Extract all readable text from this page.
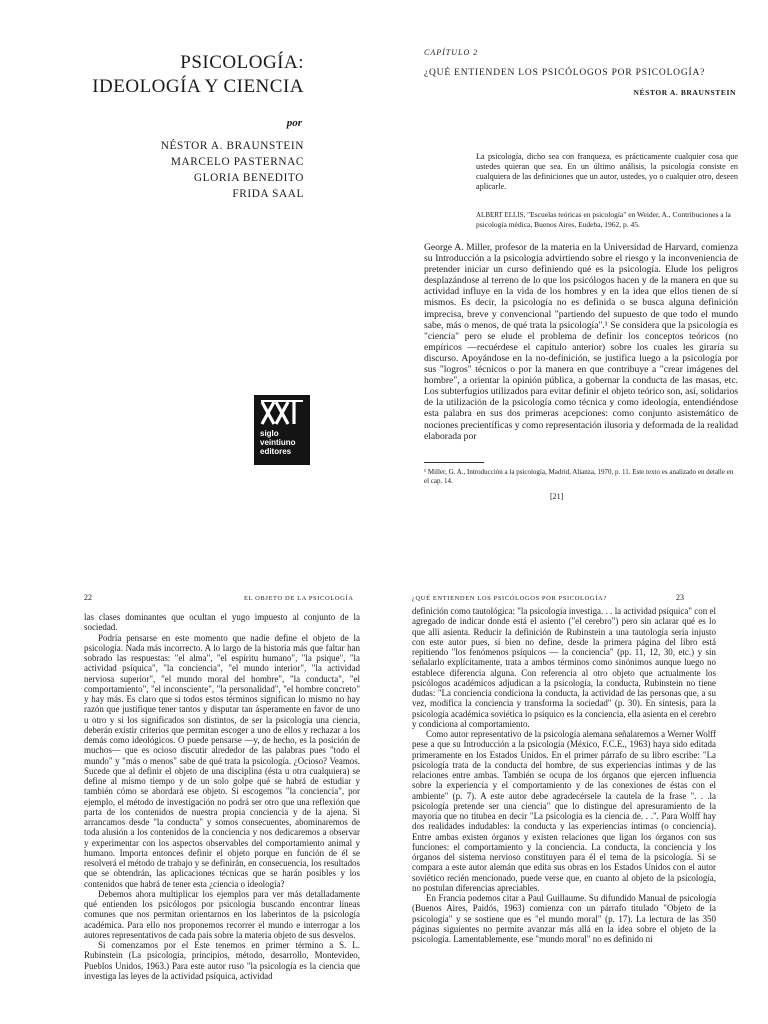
PSICOLOGÍA:
IDEOLOGÍA Y CIENCIA
por
NÉSTOR A. BRAUNSTEIN
MARCELO PASTERNAC
GLORIA BENEDITO
FRIDA SAAL
siglo
veintiuno
editores
CAPÍTULO 2
¿QUÉ ENTIENDEN LOS PSICÓLOGOS POR PSICOLOGÍA?
NÉSTOR A. BRAUNSTEIN
La psicología, dicho sea con franqueza, es prácticamente cualquier cosa que ustedes quieran que sea. En un último análisis, la psicología consiste en cualquiera de las definiciones que un autor, ustedes, yo o cualquier otro, deseen aplicarle.
ALBERT ELLIS, "Escuelas teóricas en psicología" en Weider, A., Contribuciones a la psicología médica, Buenos Aires, Eudeba, 1962, p. 45.

George A. Miller, profesor de la materia en la Universidad de Harvard, comienza su Introducción a la psicología advirtiendo sobre el riesgo y la inconveniencia de pretender iniciar un curso definiendo qué es la psicología. Elude los peligros desplazándose al terreno de lo que los psicólogos hacen y de la manera en que su actividad influye en la vida de los hombres y en la idea que ellos tienen de sí mismos. Es decir, la psicología no es definida o se busca alguna definición imprecisa, breve y convencional "partiendo del supuesto de que todo el mundo sabe, más o menos, de qué trata la psicología".¹ Se considera que la psicología es "ciencia" pero se elude el problema de definir los conceptos teóricos (no empíricos —recuérdese el capítulo anterior) sobre los cuales les giraría su discurso. Apoyándose en la no-definición, se justifica luego a la psicología por sus "logros" técnicos o por la manera en que contribuye a "crear imágenes del hombre", a orientar la opinión pública, a gobernar la conducta de las masas, etc. Los subterfugios utilizados para evitar definir el objeto teórico son, así, solidarios de la utilización de la psicología como técnica y como ideología, entendiéndose esta palabra en sus dos primeras acepciones: como conjunto asistemático de nociones precientíficas y como representación ilusoria y deformada de la realidad elaborada por

¹ Miller, G. A., Introducción a la psicología, Madrid, Alianza, 1970, p. 11. Este texto es analizado en detalle en el cap. 14.
[21]
22	EL OBJETO DE LA PSICOLOGÍA

las clases dominantes que ocultan el yugo impuesto al conjunto de la sociedad.

Podría pensarse en este momento que nadie define el objeto de la psicología. Nada más incorrecto. A lo largo de la historia más que faltar han sobrado las respuestas: "el alma", "el espíritu humano", "la psique", "la actividad psíquica", "la conciencia", "el mundo interior", "la actividad nerviosa superior", "el mundo moral del hombre", "la conducta", "el comportamiento", "el inconsciente", "la personalidad", "el hombre concreto" y hay más. Es claro que si todos estos términos significan lo mismo no hay razón que justifique tener tantos y disputar tan ásperamente en favor de uno u otro y si los significados son distintos, de ser la psicología una ciencia, deberán existir criterios que permitan escoger a uno de ellos y rechazar a los demás como ideológicos. O puede pensarse —y, de hecho, es la posición de muchos— que es ocioso discutir alrededor de las palabras pues "todo el mundo" y "más o menos" sabe de qué trata la psicología. ¿Ocioso? Veamos. Sucede que al definir el objeto de una disciplina (ésta u otra cualquiera) se define al mismo tiempo y de un solo golpe qué se habrá de estudiar y también cómo se abordará ese objeto. Si escogemos "la conciencia", por ejemplo, el método de investigación no podrá ser otro que una reflexión que parta de los contenidos de nuestra propia conciencia y de la ajena. Si arrancamos desde "la conducta" y somos consecuentes, abominaremos de toda alusión a los contenidos de la conciencia y nos dedicaremos a observar y experimentar con los aspectos observables del comportamiento animal y humano. Importa entonces definir el objeto porque en función de él se resolverá el método de trabajo y se definirán, en consecuencia, los resultados que se obtendrán, las aplicaciones técnicas que se harán posibles y los contenidos que habrá de tener esta ¿ciencia o ideología?

Debemos ahora multiplicar los ejemplos para ver más detalladamente qué entienden los psicólogos por psicología buscando encontrar líneas comunes que nos permitan orientarnos en los laberintos de la psicología académica. Para ello nos proponemos recorrer el mundo e interrogar a los autores representativos de cada país sobre la materia objeto de sus desvelos.

Si comenzamos por el Este tenemos en primer término a S. L. Rubinstein (La psicología, principios, método, desarrollo, Montevideo, Pueblos Unidos, 1963.) Para este autor ruso "la psicología es la ciencia que investiga las leyes de la actividad psíquica, actividad

¿QUÉ ENTIENDEN LOS PSICÓLOGOS POR PSICOLOGÍA?	23

definición como tautológica: "la psicología investiga. . . la actividad psíquica" con el agregado de indicar donde está el asiento ("el cerebro") pero sin aclarar qué es lo que allí asienta. Reducir la definición de Rubinstein a una tautología sería injusto con este autor pues, si bien no define, desde la primera página del libro está repitiendo "los fenómenos psíquicos — la conciencia" (pp. 11, 12, 30, etc.) y sin señalarlo explícitamente, trata a ambos términos como sinónimos aunque luego no establece diferencia alguna. Con referencia al otro objeto que actualmente los psicólogos académicos adjudican a la psicología, la conducta, Rubinstein no tiene dudas: "La conciencia condiciona la conducta, la actividad de las personas que, a su vez, modifica la conciencia y transforma la sociedad" (p. 30). En síntesis, para la psicología académica soviética lo psíquico es la conciencia, ella asienta en el cerebro y condiciona al comportamiento.

Como autor representativo de la psicología alemana señalaremos a Werner Wolff pese a que su Introducción a la psicología (México, F.C.E., 1963) haya sido editada primeramente en los Estados Unidos. En el primer párrafo de su libro escribe: "La psicología trata de la conducta del hombre, de sus experiencias íntimas y de las relaciones entre ambas. También se ocupa de los órganos que ejercen influencia sobre la experiencia y el comportamiento y de las conexiones de éstas con el ambiente" (p. 7). A este autor debe agradecérsele la cautela de la frase ". . .la psicología pretende ser una ciencia" que lo distingue del apresuramiento de la mayoría que no titubea en decir "La psicología es la ciencia de. . .". Para Wolff hay dos realidades indudables: la conducta y las experiencias íntimas (o conciencia). Entre ambas existen órganos y existen relaciones que ligan los órganos con sus funciones: el comportamiento y la conciencia. La conducta, la conciencia y los órganos del sistema nervioso constituyen para él el tema de la psicología. Si se compara a este autor alemán que edita sus obras en los Estados Unidos con el autor soviético recién mencionado, puede verse que, en cuanto al objeto de la psicología, no postulan diferencias apreciables.

En Francia podemos citar a Paul Guillaume. Su difundido Manual de psicología (Buenos Aires, Paidós, 1963) comienza con un párrafo titulado "Objeto de la psicología" y se sostiene que es "el mundo moral" (p. 17). La lectura de las 350 páginas siguientes no permite avanzar más allá en la idea sobre el objeto de la psicología. Lamentablemente, ese "mundo moral" no es definido ni
